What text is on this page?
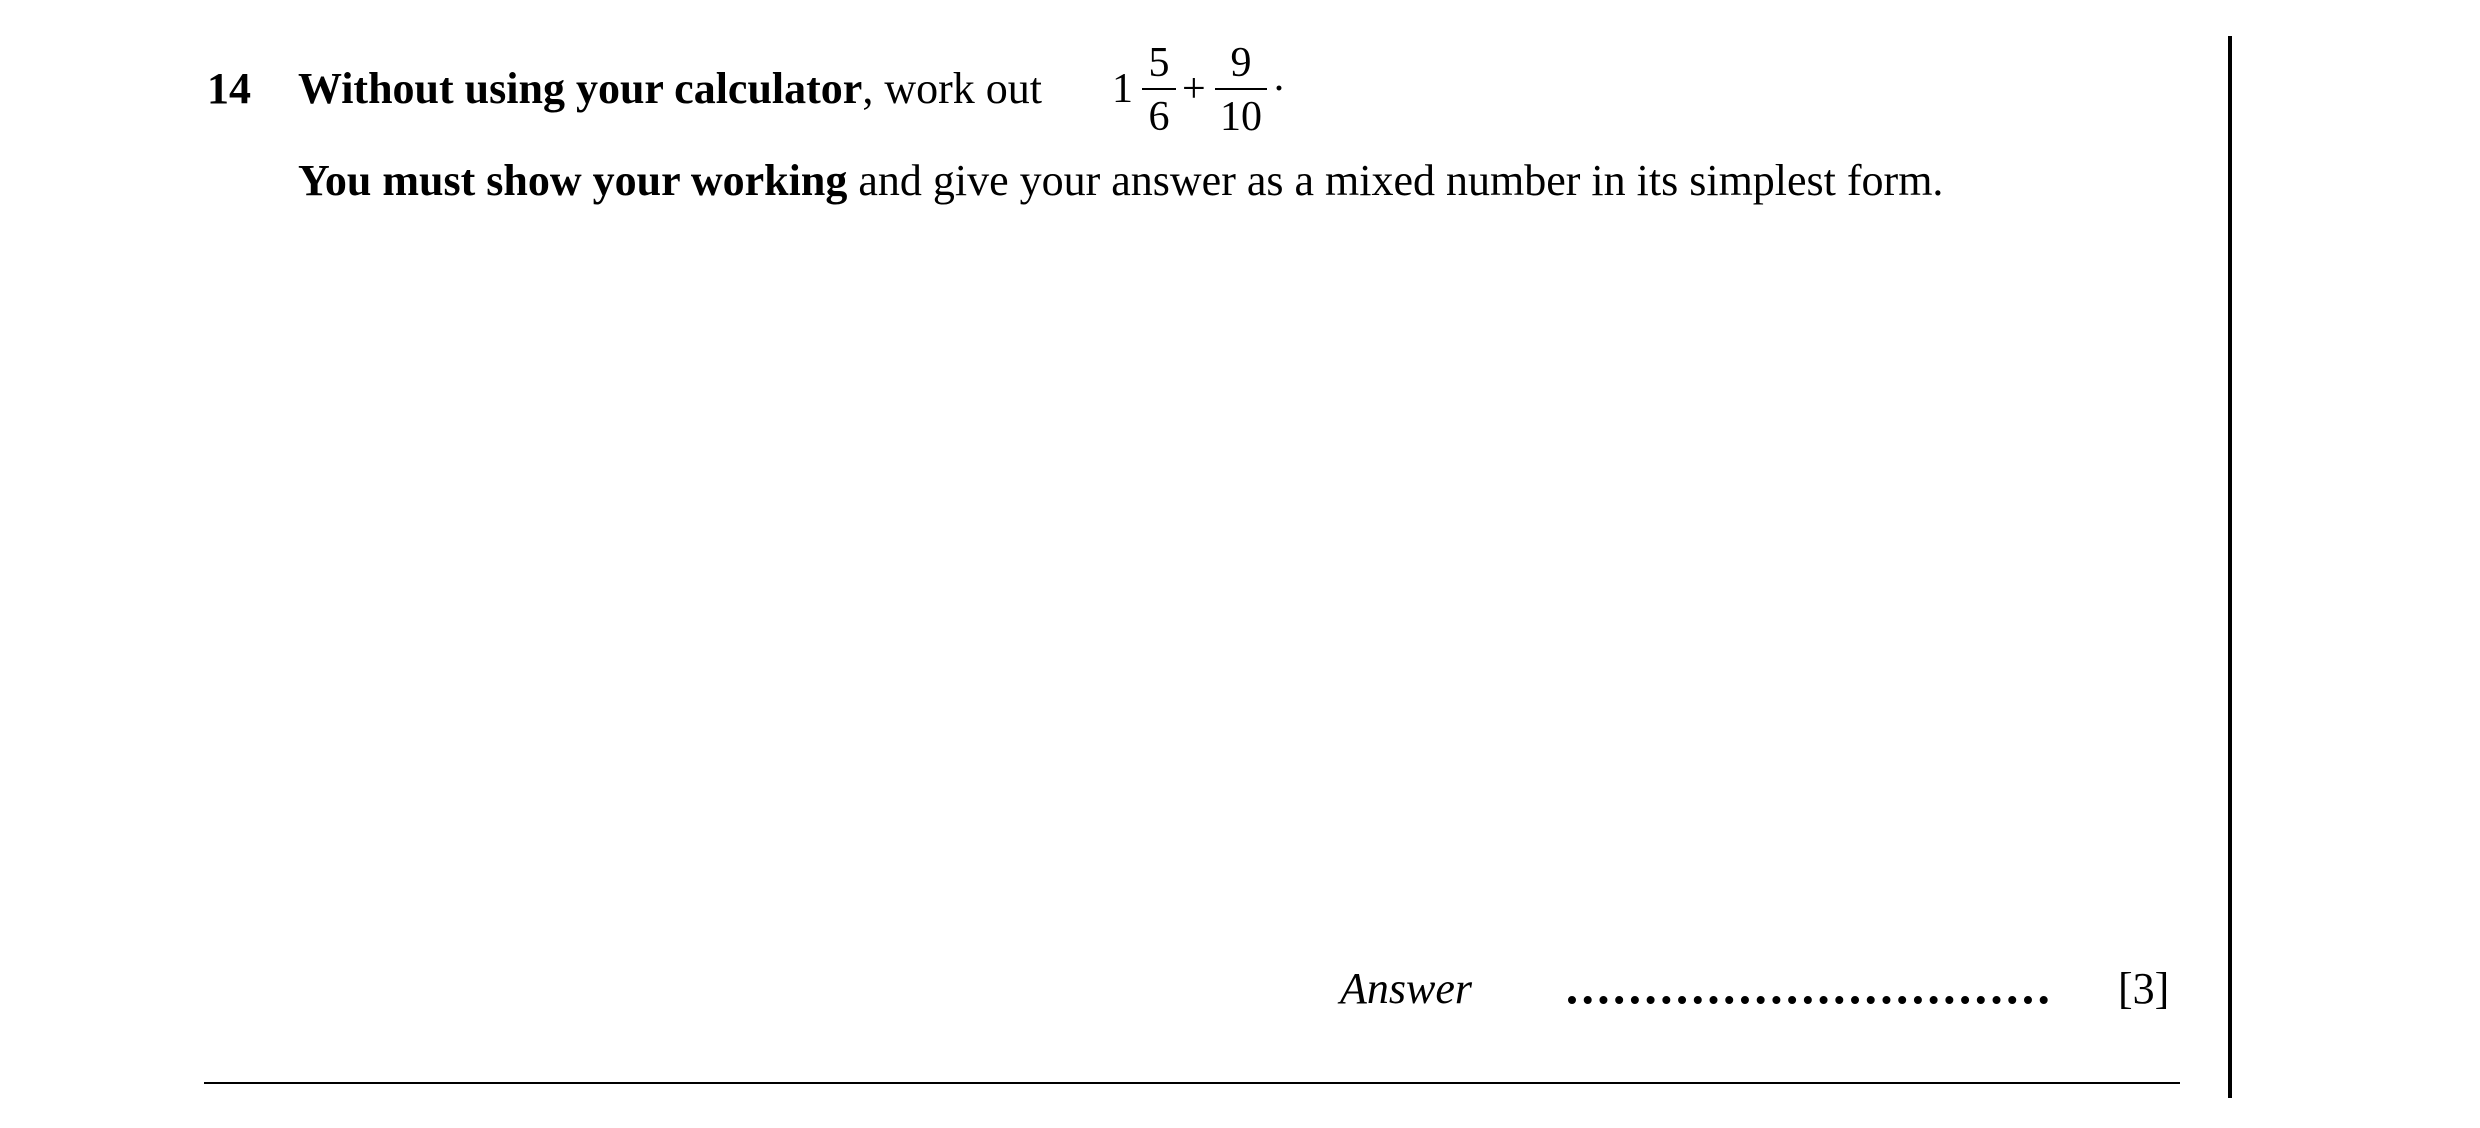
14 Without using your calculator, work out 1
5
6
+
9
10
·
You must show your working and give your answer as a mixed number in its simplest form.
Answer	[3]
